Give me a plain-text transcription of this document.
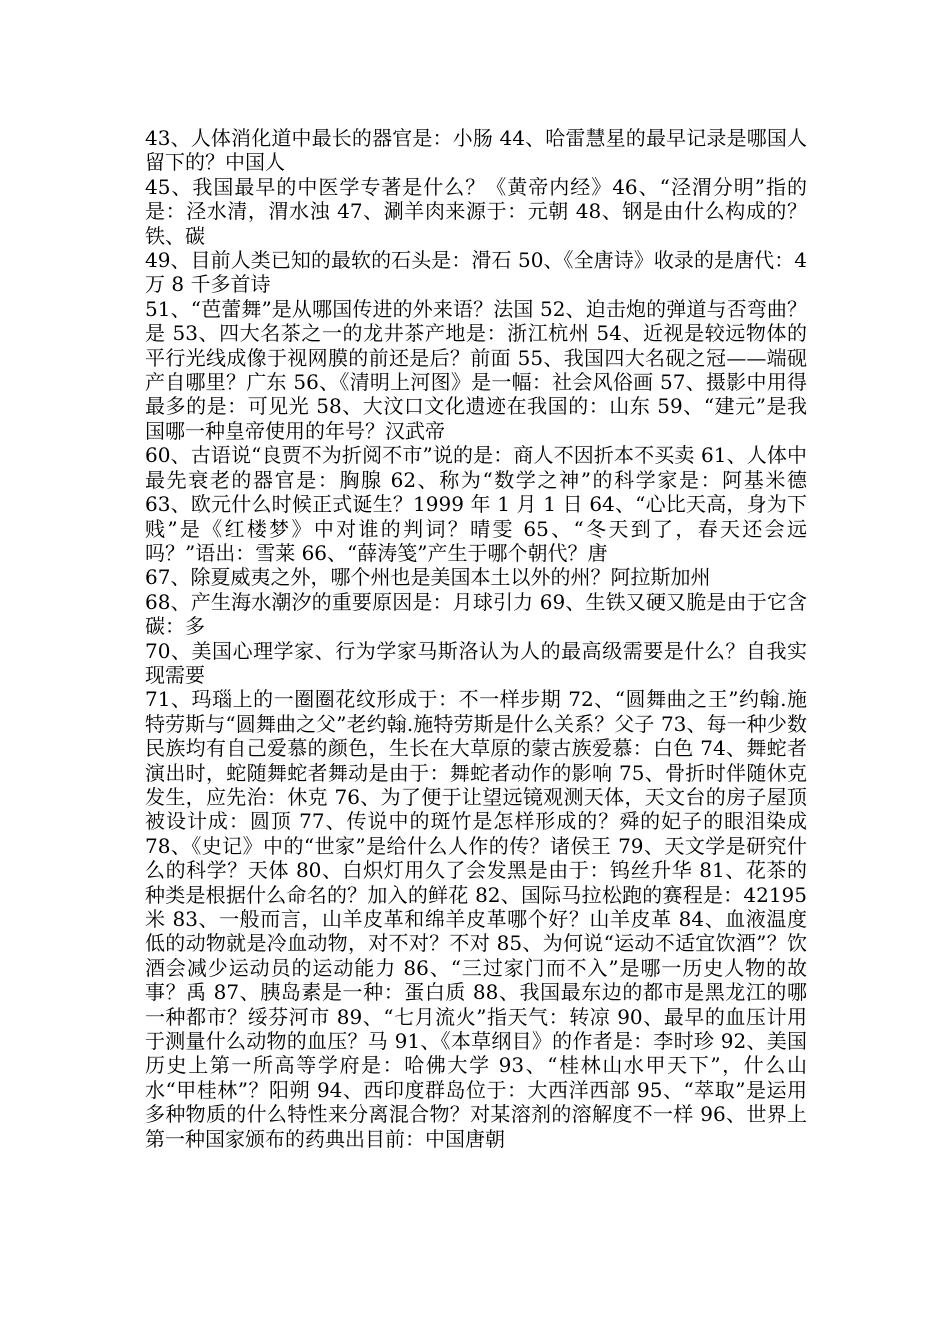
43、人体消化道中最长的器官是：小肠 44、哈雷慧星的最早记录是哪国人留下的？中国人

45、我国最早的中医学专著是什么？《黄帝内经》46、“泾渭分明”指的是：泾水清，渭水浊 47、涮羊肉来源于：元朝 48、钢是由什么构成的？铁、碳

49、目前人类已知的最软的石头是：滑石 50、《全唐诗》收录的是唐代：4 万 8 千多首诗

51、“芭蕾舞”是从哪国传进的外来语？法国 52、迫击炮的弹道与否弯曲？是 53、四大名茶之一的龙井茶产地是：浙江杭州 54、近视是较远物体的平行光线成像于视网膜的前还是后？前面 55、我国四大名砚之冠——端砚产自哪里？广东 56、《清明上河图》是一幅：社会风俗画 57、摄影中用得最多的是：可见光 58、大汶口文化遗迹在我国的：山东 59、“建元”是我国哪一种皇帝使用的年号？汉武帝

60、古语说“良贾不为折阅不市”说的是：商人不因折本不买卖 61、人体中最先衰老的器官是：胸腺 62、称为“数学之神”的科学家是：阿基米德 63、欧元什么时候正式诞生？1999 年 1 月 1 日 64、“心比天高，身为下贱”是《红楼梦》中对谁的判词？晴雯 65、“冬天到了，春天还会远吗？”语出：雪莱 66、“薛涛笺”产生于哪个朝代？唐

67、除夏威夷之外，哪个州也是美国本土以外的州？阿拉斯加州

68、产生海水潮汐的重要原因是：月球引力 69、生铁又硬又脆是由于它含碳：多

70、美国心理学家、行为学家马斯洛认为人的最高级需要是什么？自我实现需要

71、玛瑙上的一圈圈花纹形成于：不一样步期 72、“圆舞曲之王”约翰.施特劳斯与“圆舞曲之父”老约翰.施特劳斯是什么关系？父子 73、每一种少数民族均有自己爱慕的颜色，生长在大草原的蒙古族爱慕：白色 74、舞蛇者演出时，蛇随舞蛇者舞动是由于：舞蛇者动作的影响 75、骨折时伴随休克发生，应先治：休克 76、为了便于让望远镜观测天体，天文台的房子屋顶被设计成：圆顶 77、传说中的斑竹是怎样形成的？舜的妃子的眼泪染成 78、《史记》中的“世家”是给什么人作的传？诸侯王 79、天文学是研究什么的科学？天体 80、白炽灯用久了会发黑是由于：钨丝升华 81、花茶的种类是根据什么命名的？加入的鲜花 82、国际马拉松跑的赛程是：42195 米 83、一般而言，山羊皮革和绵羊皮革哪个好？山羊皮革 84、血液温度低的动物就是冷血动物，对不对？不对 85、为何说“运动不适宜饮酒”？饮酒会减少运动员的运动能力 86、“三过家门而不入”是哪一历史人物的故事？禹 87、胰岛素是一种：蛋白质 88、我国最东边的都市是黑龙江的哪一种都市？绥芬河市 89、“七月流火”指天气：转凉 90、最早的血压计用于测量什么动物的血压？马 91、《本草纲目》的作者是：李时珍 92、美国历史上第一所高等学府是：哈佛大学 93、“桂林山水甲天下”，什么山水“甲桂林”？阳朔 94、西印度群岛位于：大西洋西部 95、“萃取”是运用多种物质的什么特性来分离混合物？对某溶剂的溶解度不一样 96、世界上第一种国家颁布的药典出目前：中国唐朝
